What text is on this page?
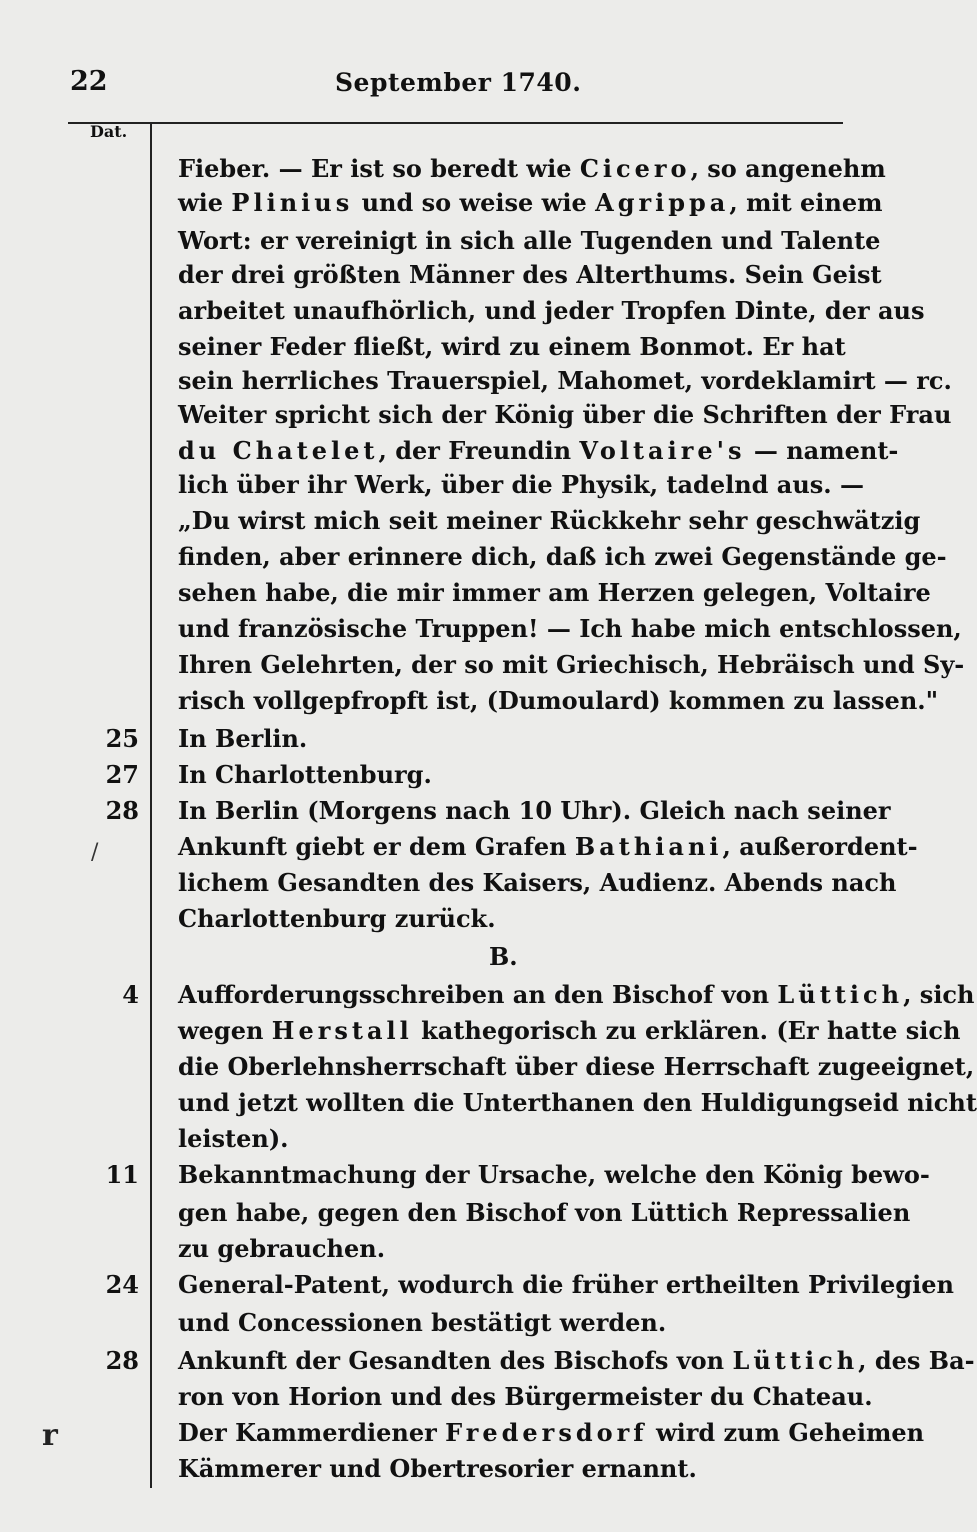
22	September 1740.
Dat.
Fieber. — Er ist so beredt wie Cicero, so angenehm
wie Plinius und so weise wie Agrippa, mit einem
Wort: er vereinigt in sich alle Tugenden und Talente
der drei größten Männer des Alterthums. Sein Geist
arbeitet unaufhörlich, und jeder Tropfen Dinte, der aus
seiner Feder fließt, wird zu einem Bonmot. Er hat
sein herrliches Trauerspiel, Mahomet, vordeklamirt — rc.
Weiter spricht sich der König über die Schriften der Frau
du Chatelet, der Freundin Voltaire's — nament-
lich über ihr Werk, über die Physik, tadelnd aus. —
„Du wirst mich seit meiner Rückkehr sehr geschwätzig
finden, aber erinnere dich, daß ich zwei Gegenstände ge-
sehen habe, die mir immer am Herzen gelegen, Voltaire
und französische Truppen! — Ich habe mich entschlossen,
Ihren Gelehrten, der so mit Griechisch, Hebräisch und Sy-
risch vollgepfropft ist, (Dumoulard) kommen zu lassen."
In Berlin.
In Charlottenburg.
In Berlin (Morgens nach 10 Uhr). Gleich nach seiner
Ankunft giebt er dem Grafen Bathiani, außerordent-
lichem Gesandten des Kaisers, Audienz. Abends nach
Charlottenburg zurück.
Aufforderungsschreiben an den Bischof von Lüttich, sich
wegen Herstall kathegorisch zu erklären. (Er hatte sich
die Oberlehnsherrschaft über diese Herrschaft zugeeignet,
und jetzt wollten die Unterthanen den Huldigungseid nicht
leisten).
Bekanntmachung der Ursache, welche den König bewo-
gen habe, gegen den Bischof von Lüttich Repressalien
zu gebrauchen.
General-Patent, wodurch die früher ertheilten Privilegien
und Concessionen bestätigt werden.
Ankunft der Gesandten des Bischofs von Lüttich, des Ba-
ron von Horion und des Bürgermeister du Chateau.
Der Kammerdiener Fredersdorf wird zum Geheimen
Kämmerer und Obertresorier ernannt.
25
27
28
4
11
24
28
B.
/
r
